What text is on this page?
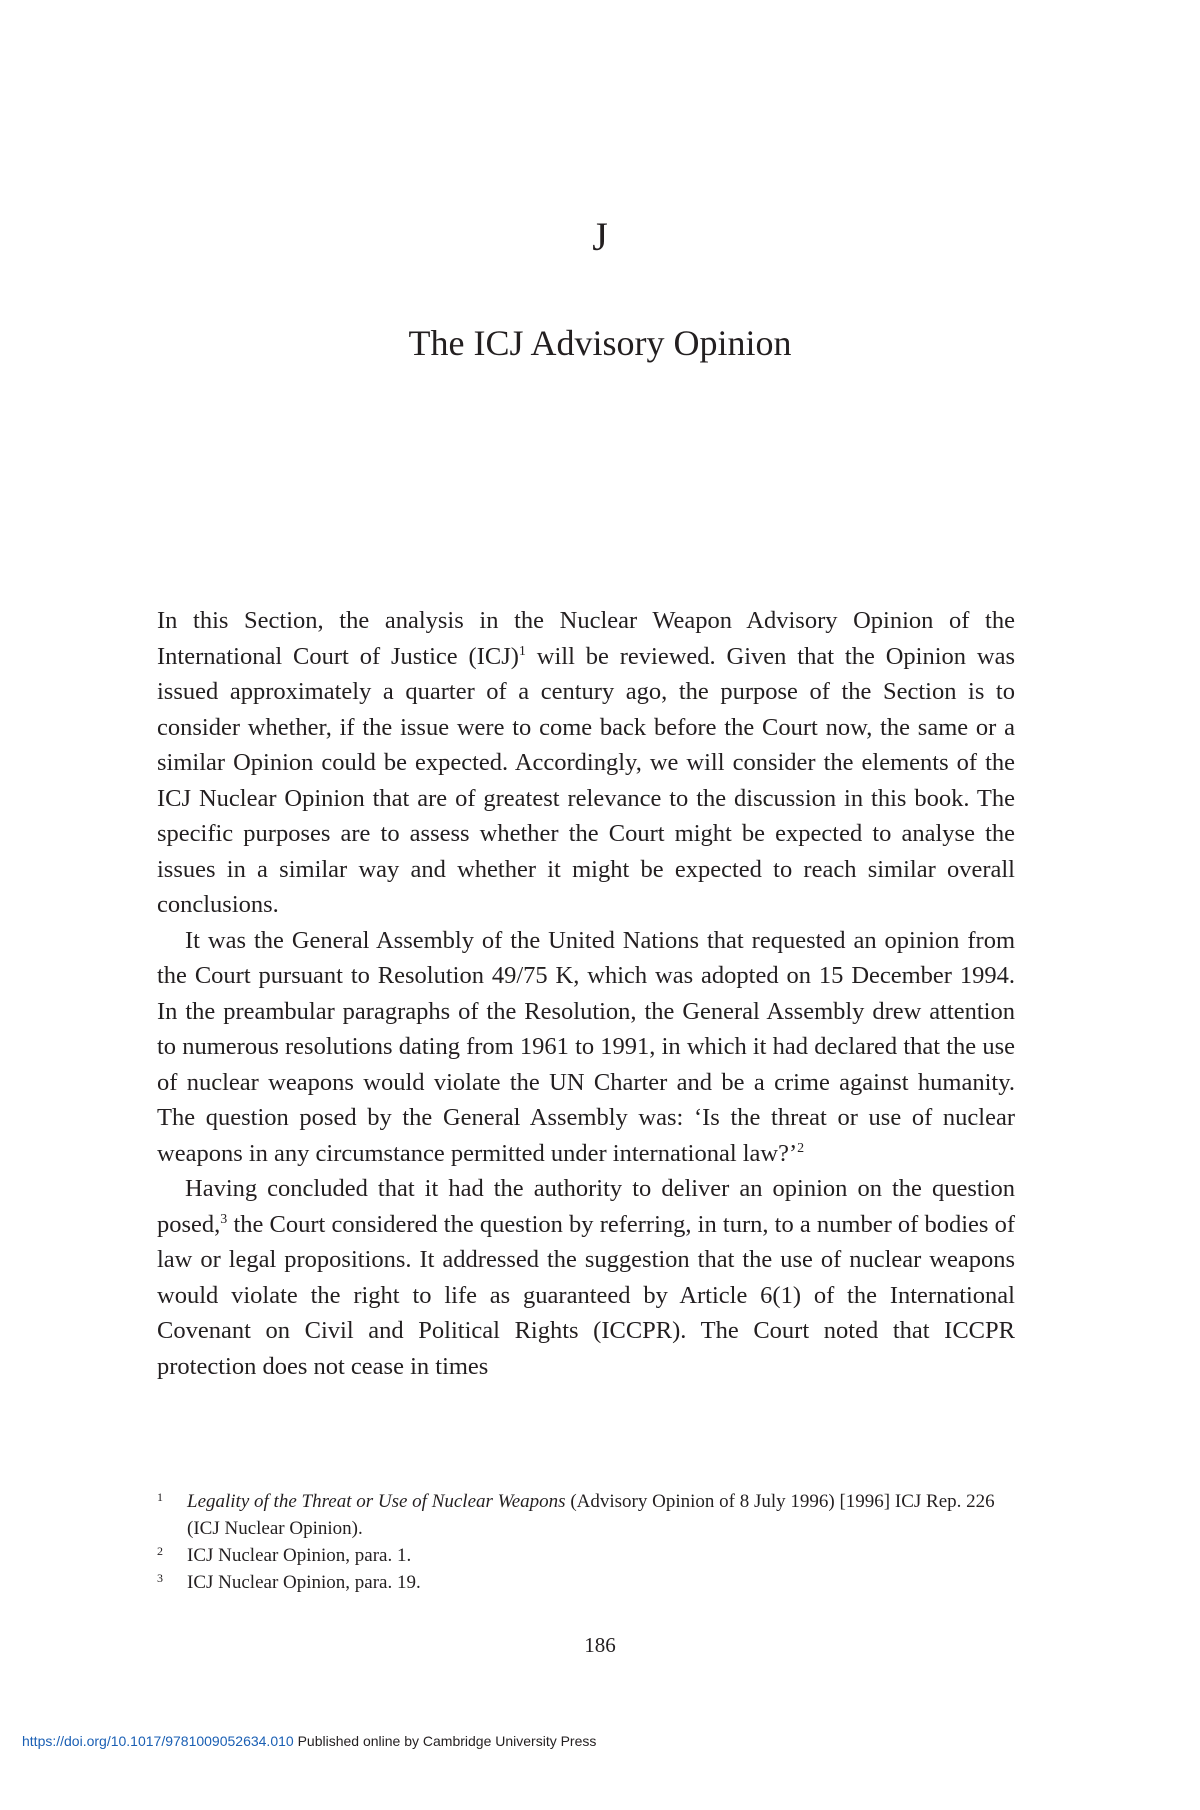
J
The ICJ Advisory Opinion

In this Section, the analysis in the Nuclear Weapon Advisory Opinion of the International Court of Justice (ICJ)$^1$ will be reviewed. Given that the Opinion was issued approximately a quarter of a century ago, the purpose of the Section is to consider whether, if the issue were to come back before the Court now, the same or a similar Opinion could be expected. Accordingly, we will consider the elements of the ICJ Nuclear Opinion that are of greatest relevance to the discussion in this book. The specific purposes are to assess whether the Court might be expected to analyse the issues in a similar way and whether it might be expected to reach similar overall conclusions.

It was the General Assembly of the United Nations that requested an opinion from the Court pursuant to Resolution 49/75 K, which was adopted on 15 December 1994. In the preambular paragraphs of the Resolution, the General Assembly drew attention to numerous resolutions dating from 1961 to 1991, in which it had declared that the use of nuclear weapons would violate the UN Charter and be a crime against humanity. The question posed by the General Assembly was: ‘Is the threat or use of nuclear weapons in any circumstance permitted under international law?’$^2$

Having concluded that it had the authority to deliver an opinion on the question posed,$^3$ the Court considered the question by referring, in turn, to a number of bodies of law or legal propositions. It addressed the suggestion that the use of nuclear weapons would violate the right to life as guaranteed by Article 6(1) of the International Covenant on Civil and Political Rights (ICCPR). The Court noted that ICCPR protection does not cease in times

1 Legality of the Threat or Use of Nuclear Weapons (Advisory Opinion of 8 July 1996) [1996] ICJ Rep. 226 (ICJ Nuclear Opinion).
2 ICJ Nuclear Opinion, para. 1.
3 ICJ Nuclear Opinion, para. 19.
186
https://doi.org/10.1017/9781009052634.010 Published online by Cambridge University Press
